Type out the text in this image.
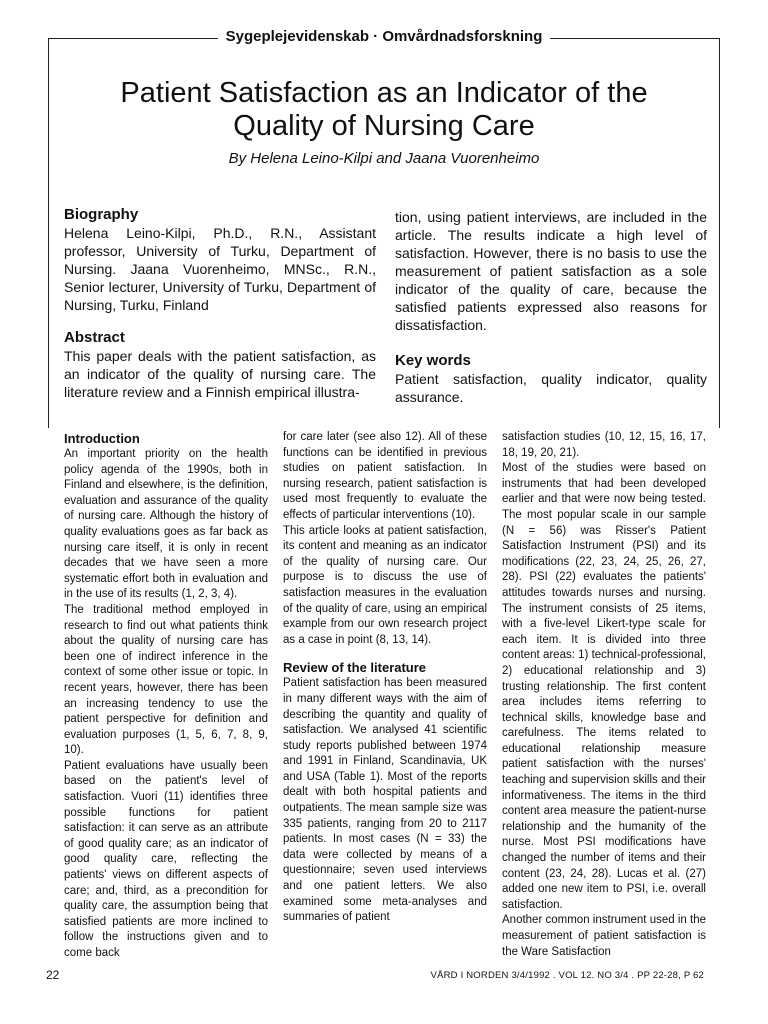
Sygeplejevidenskab · Omvårdnadsforskning
Patient Satisfaction as an Indicator of the
Quality of Nursing Care
By Helena Leino-Kilpi and Jaana Vuorenheimo

Biography

Helena Leino-Kilpi, Ph.D., R.N., Assistant professor, University of Turku, Department of Nursing. Jaana Vuorenheimo, MNSc., R.N., Senior lecturer, University of Turku, Department of Nursing, Turku, Finland

Abstract

This paper deals with the patient satisfaction, as an indicator of the quality of nursing care. The literature review and a Finnish empirical illustra-

tion, using patient interviews, are included in the article. The results indicate a high level of satisfaction. However, there is no basis to use the measurement of patient satisfaction as a sole indicator of the quality of care, because the satisfied patients expressed also reasons for dissatisfaction.

Key words

Patient satisfaction, quality indicator, quality assurance.

Introduction

An important priority on the health policy agenda of the 1990s, both in Finland and elsewhere, is the definition, evaluation and assurance of the quality of nursing care. Although the history of quality evaluations goes as far back as nursing care itself, it is only in recent decades that we have seen a more systematic effort both in evaluation and in the use of its results (1, 2, 3, 4).

The traditional method employed in research to find out what patients think about the quality of nursing care has been one of indirect inference in the context of some other issue or topic. In recent years, however, there has been an increasing tendency to use the patient perspective for definition and evaluation purposes (1, 5, 6, 7, 8, 9, 10).

Patient evaluations have usually been based on the patient's level of satisfaction. Vuori (11) identifies three possible functions for patient satisfaction: it can serve as an attribute of good quality care; as an indicator of good quality care, reflecting the patients' views on different aspects of care; and, third, as a precondition for quality care, the assumption being that satisfied patients are more inclined to follow the instructions given and to come back

for care later (see also 12). All of these functions can be identified in previous studies on patient satisfaction. In nursing research, patient satisfaction is used most frequently to evaluate the effects of particular interventions (10).

This article looks at patient satisfaction, its content and meaning as an indicator of the quality of nursing care. Our purpose is to discuss the use of satisfaction measures in the evaluation of the quality of care, using an empirical example from our own research project as a case in point (8, 13, 14).

Review of the literature

Patient satisfaction has been measured in many different ways with the aim of describing the quantity and quality of satisfaction. We analysed 41 scientific study reports published between 1974 and 1991 in Finland, Scandinavia, UK and USA (Table 1). Most of the reports dealt with both hospital patients and outpatients. The mean sample size was 335 patients, ranging from 20 to 2117 patients. In most cases (N = 33) the data were collected by means of a questionnaire; seven used interviews and one patient letters. We also examined some meta-analyses and summaries of patient

satisfaction studies (10, 12, 15, 16, 17, 18, 19, 20, 21).

Most of the studies were based on instruments that had been developed earlier and that were now being tested. The most popular scale in our sample (N = 56) was Risser's Patient Satisfaction Instrument (PSI) and its modifications (22, 23, 24, 25, 26, 27, 28). PSI (22) evaluates the patients' attitudes towards nurses and nursing. The instrument consists of 25 items, with a five-level Likert-type scale for each item. It is divided into three content areas: 1) technical-professional, 2) educational relationship and 3) trusting relationship. The first content area includes items referring to technical skills, knowledge base and carefulness. The items related to educational relationship measure patient satisfaction with the nurses' teaching and supervision skills and their informativeness. The items in the third content area measure the patient-nurse relationship and the humanity of the nurse. Most PSI modifications have changed the number of items and their content (23, 24, 28). Lucas et al. (27) added one new item to PSI, i.e. overall satisfaction.

Another common instrument used in the measurement of patient satisfaction is the Ware Satisfaction

22	VÅRD I NORDEN 3/4/1992 . VOL 12. NO 3/4 . PP 22-28, P 62
